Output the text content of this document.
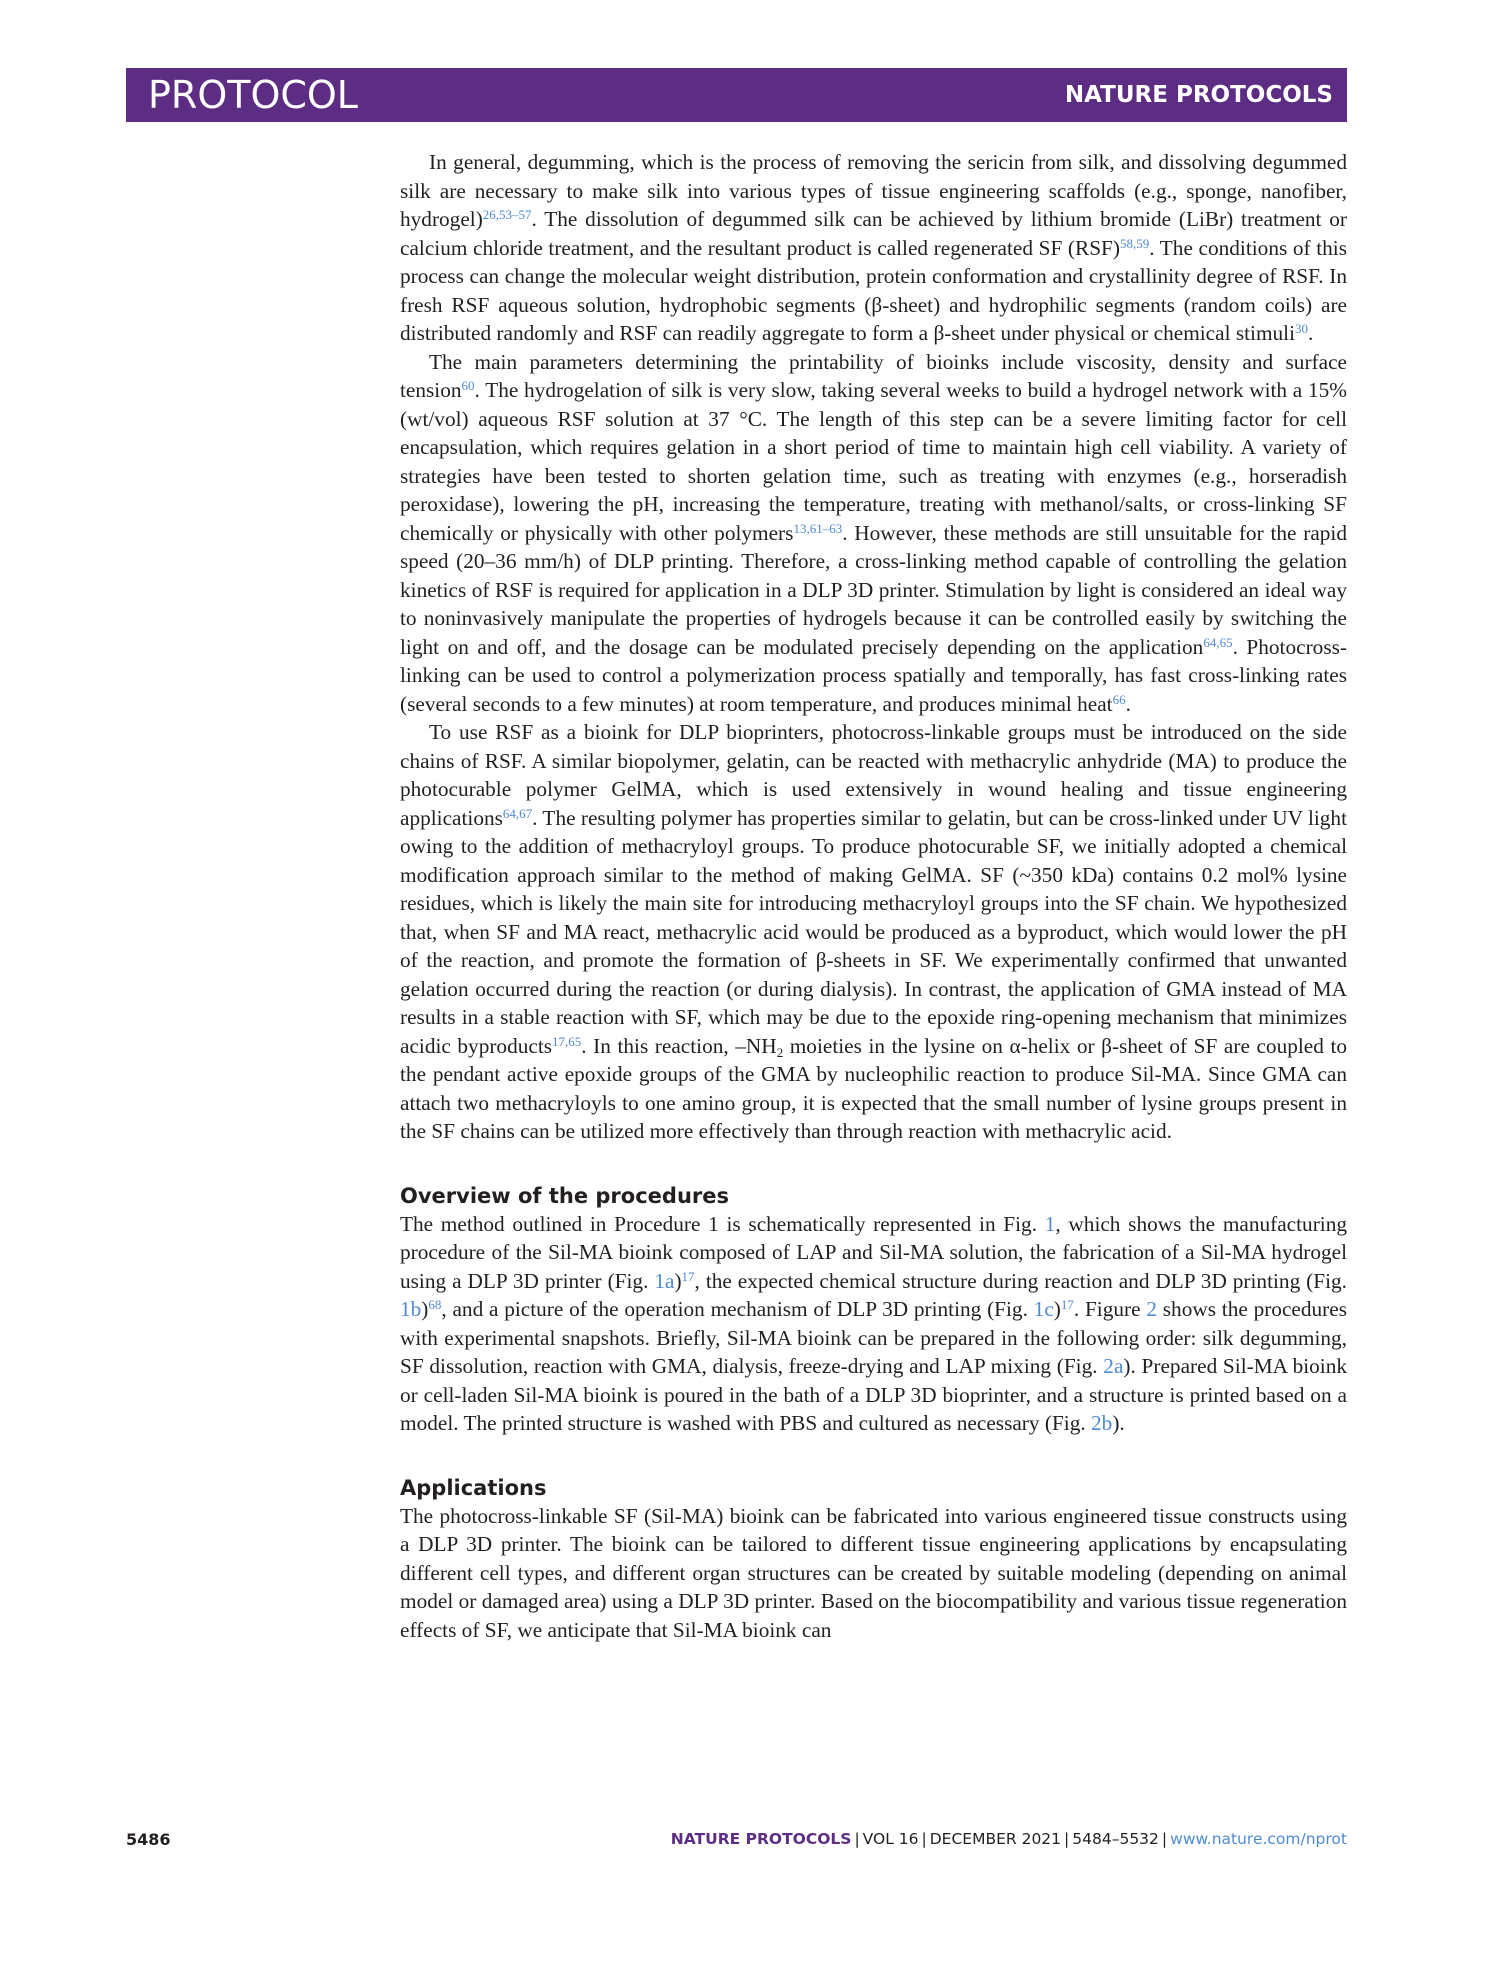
PROTOCOL	NATURE PROTOCOLS

In general, degumming, which is the process of removing the sericin from silk, and dissolving degummed silk are necessary to make silk into various types of tissue engineering scaffolds (e.g., sponge, nanofiber, hydrogel)$^{26,53-57}$. The dissolution of degummed silk can be achieved by lithium bromide (LiBr) treatment or calcium chloride treatment, and the resultant product is called regenerated SF (RSF)$^{58,59}$. The conditions of this process can change the molecular weight distribution, protein conformation and crystallinity degree of RSF. In fresh RSF aqueous solution, hydrophobic segments (β-sheet) and hydrophilic segments (random coils) are distributed randomly and RSF can readily aggregate to form a β-sheet under physical or chemical stimuli$^{30}$.

The main parameters determining the printability of bioinks include viscosity, density and surface tension$^{60}$. The hydrogelation of silk is very slow, taking several weeks to build a hydrogel network with a 15% (wt/vol) aqueous RSF solution at 37 °C. The length of this step can be a severe limiting factor for cell encapsulation, which requires gelation in a short period of time to maintain high cell viability. A variety of strategies have been tested to shorten gelation time, such as treating with enzymes (e.g., horseradish peroxidase), lowering the pH, increasing the temperature, treating with methanol/salts, or cross-linking SF chemically or physically with other polymers$^{13,61-63}$. However, these methods are still unsuitable for the rapid speed (20–36 mm/h) of DLP printing. Therefore, a cross-linking method capable of controlling the gelation kinetics of RSF is required for application in a DLP 3D printer. Stimulation by light is considered an ideal way to noninvasively manipulate the properties of hydrogels because it can be controlled easily by switching the light on and off, and the dosage can be modulated precisely depending on the application$^{64,65}$. Photocross-linking can be used to control a polymerization process spatially and temporally, has fast cross-linking rates (several seconds to a few minutes) at room temperature, and produces minimal heat$^{66}$.

To use RSF as a bioink for DLP bioprinters, photocross-linkable groups must be introduced on the side chains of RSF. A similar biopolymer, gelatin, can be reacted with methacrylic anhydride (MA) to produce the photocurable polymer GelMA, which is used extensively in wound healing and tissue engineering applications$^{64,67}$. The resulting polymer has properties similar to gelatin, but can be cross-linked under UV light owing to the addition of methacryloyl groups. To produce photocurable SF, we initially adopted a chemical modification approach similar to the method of making GelMA. SF (~350 kDa) contains 0.2 mol% lysine residues, which is likely the main site for introducing methacryloyl groups into the SF chain. We hypothesized that, when SF and MA react, methacrylic acid would be produced as a byproduct, which would lower the pH of the reaction, and promote the formation of β-sheets in SF. We experimentally confirmed that unwanted gelation occurred during the reaction (or during dialysis). In contrast, the application of GMA instead of MA results in a stable reaction with SF, which may be due to the epoxide ring-opening mechanism that minimizes acidic byproducts$^{17,65}$. In this reaction, $-NH_2$ moieties in the lysine on α-helix or β-sheet of SF are coupled to the pendant active epoxide groups of the GMA by nucleophilic reaction to produce Sil-MA. Since GMA can attach two methacryloyls to one amino group, it is expected that the small number of lysine groups present in the SF chains can be utilized more effectively than through reaction with methacrylic acid.

Overview of the procedures

The method outlined in Procedure 1 is schematically represented in Fig. 1, which shows the manufacturing procedure of the Sil-MA bioink composed of LAP and Sil-MA solution, the fabrication of a Sil-MA hydrogel using a DLP 3D printer (Fig. 1a)$^{17}$, the expected chemical structure during reaction and DLP 3D printing (Fig. 1b)$^{68}$, and a picture of the operation mechanism of DLP 3D printing (Fig. 1c)$^{17}$. Figure 2 shows the procedures with experimental snapshots. Briefly, Sil-MA bioink can be prepared in the following order: silk degumming, SF dissolution, reaction with GMA, dialysis, freeze-drying and LAP mixing (Fig. 2a). Prepared Sil-MA bioink or cell-laden Sil-MA bioink is poured in the bath of a DLP 3D bioprinter, and a structure is printed based on a model. The printed structure is washed with PBS and cultured as necessary (Fig. 2b).

Applications

The photocross-linkable SF (Sil-MA) bioink can be fabricated into various engineered tissue constructs using a DLP 3D printer. The bioink can be tailored to different tissue engineering applications by encapsulating different cell types, and different organ structures can be created by suitable modeling (depending on animal model or damaged area) using a DLP 3D printer. Based on the biocompatibility and various tissue regeneration effects of SF, we anticipate that Sil-MA bioink can

5486	NATURE PROTOCOLS | VOL 16 | DECEMBER 2021 | 5484–5532 | www.nature.com/nprot
